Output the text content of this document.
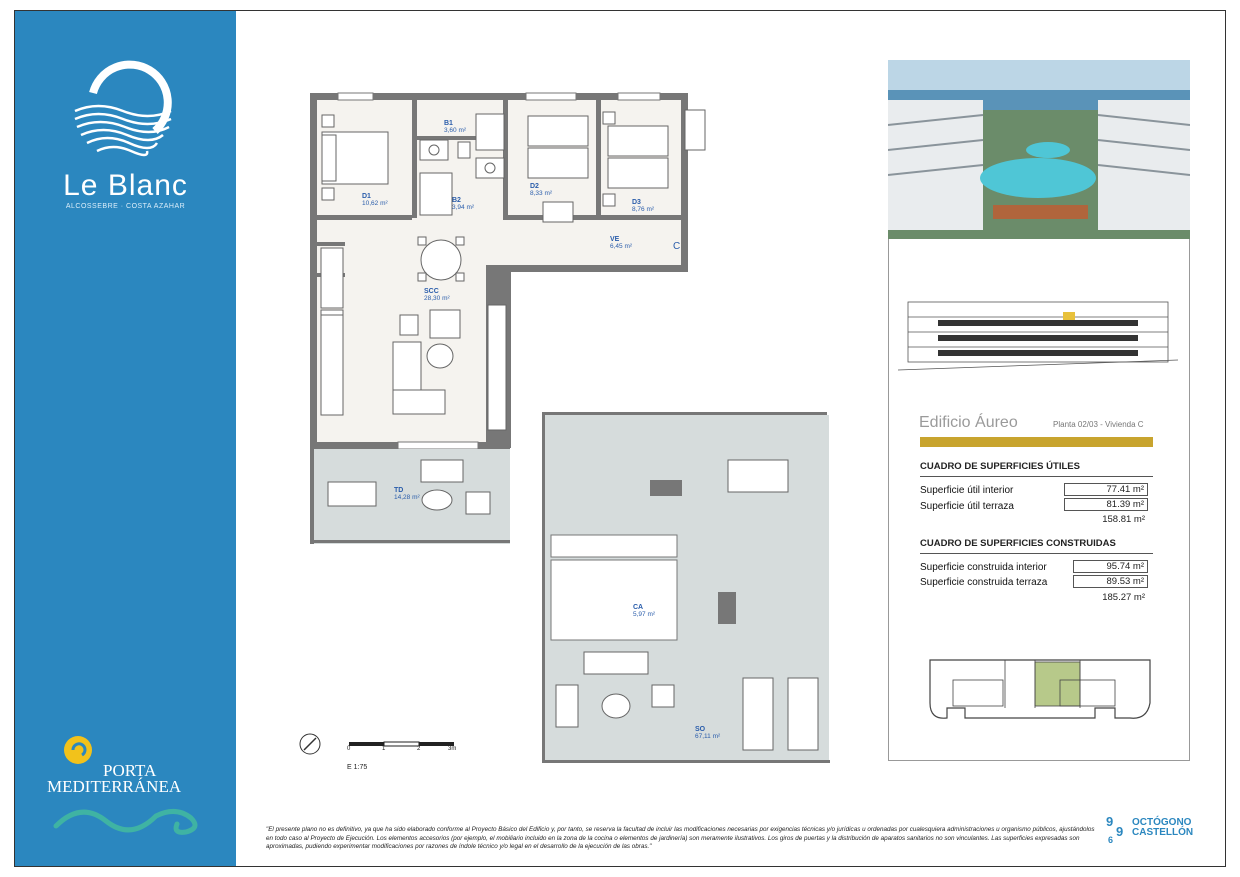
Le Blanc
ALCOSSEBRE · COSTA AZAHAR
PORTA
MEDITERRÁNEA
B1
3,60 m²
D1
10,62 m²	B2
3,94 m²
D2
8,33 m²
D3
8,76 m²
VE
6,45 m²
SCC
28,30 m²
TD
14,28 m²
CA
5,97 m²
SO
67,11 m²
C
0	1	2	3m
E 1:75
Edificio Áureo	Planta 02/03 - Vivienda C
CUADRO DE SUPERFICIES ÚTILES
Superficie útil interior	77.41 m²
Superficie útil terraza	81.39 m²
158.81 m²
CUADRO DE SUPERFICIES CONSTRUIDAS
Superficie construida interior	95.74 m²
Superficie construida terraza	89.53 m²
185.27 m²
"El presente plano no es definitivo, ya que ha sido elaborado conforme al Proyecto Básico del Edificio y, por tanto, se reserva la facultad de incluir las modificaciones necesarias por exigencias técnicas y/o jurídicas u ordenadas por cualesquiera administraciones u organismo públicos, ajustándolos en todo caso al Proyecto de Ejecución. Los elementos accesorios (por ejemplo, el mobiliario incluido en la zona de la cocina o elementos de jardinería) son meramente ilustrativos. Los giros de puertas y la distribución de aparatos sanitarios no son vinculantes. Las superficies expresadas son aproximadas, pudiendo experimentar modificaciones por razones de índole técnico y/o legal en el desarrollo de la ejecución de las obras."
9
9
6
OCTÓGONO
CASTELLÓN
